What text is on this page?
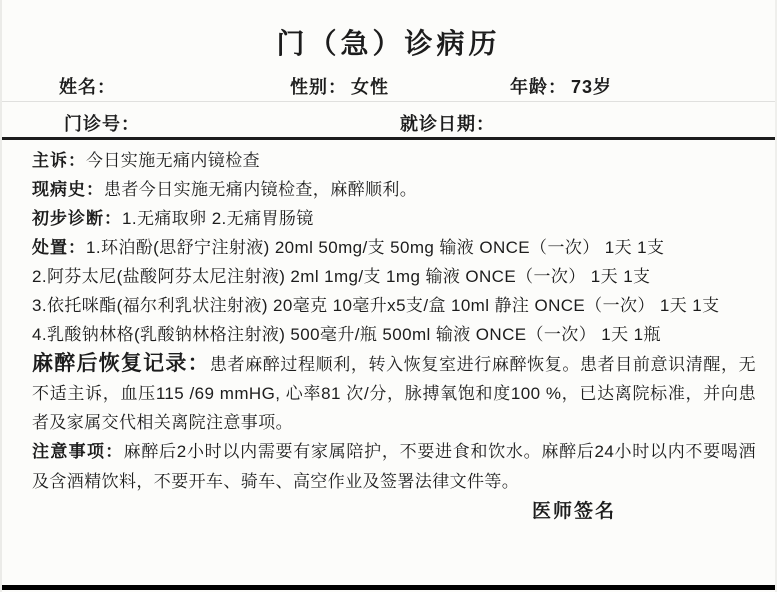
门（急）诊病历
姓名：	性别： 女性	年龄： 73岁
门诊号：	就诊日期：

主诉：今日实施无痛内镜检查

现病史：患者今日实施无痛内镜检查，麻醉顺利。

初步诊断：1.无痛取卵 2.无痛胃肠镜

处置：1.环泊酚(思舒宁注射液) 20ml 50mg/支 50mg 输液 ONCE（一次） 1天 1支

2.阿芬太尼(盐酸阿芬太尼注射液) 2ml 1mg/支 1mg 输液 ONCE（一次） 1天 1支

3.依托咪酯(福尔利乳状注射液) 20毫克 10毫升x5支/盒 10ml 静注 ONCE（一次） 1天 1支

4.乳酸钠林格(乳酸钠林格注射液) 500毫升/瓶 500ml 输液 ONCE（一次） 1天 1瓶

麻醉后恢复记录：患者麻醉过程顺利，转入恢复室进行麻醉恢复。患者目前意识清醒，无不适主诉，血压115 /69 mmHG, 心率81 次/分，脉搏氧饱和度100 %，已达离院标准，并向患者及家属交代相关离院注意事项。

注意事项：麻醉后2小时以内需要有家属陪护，不要进食和饮水。麻醉后24小时以内不要喝酒及含酒精饮料，不要开车、骑车、高空作业及签署法律文件等。

医师签名
